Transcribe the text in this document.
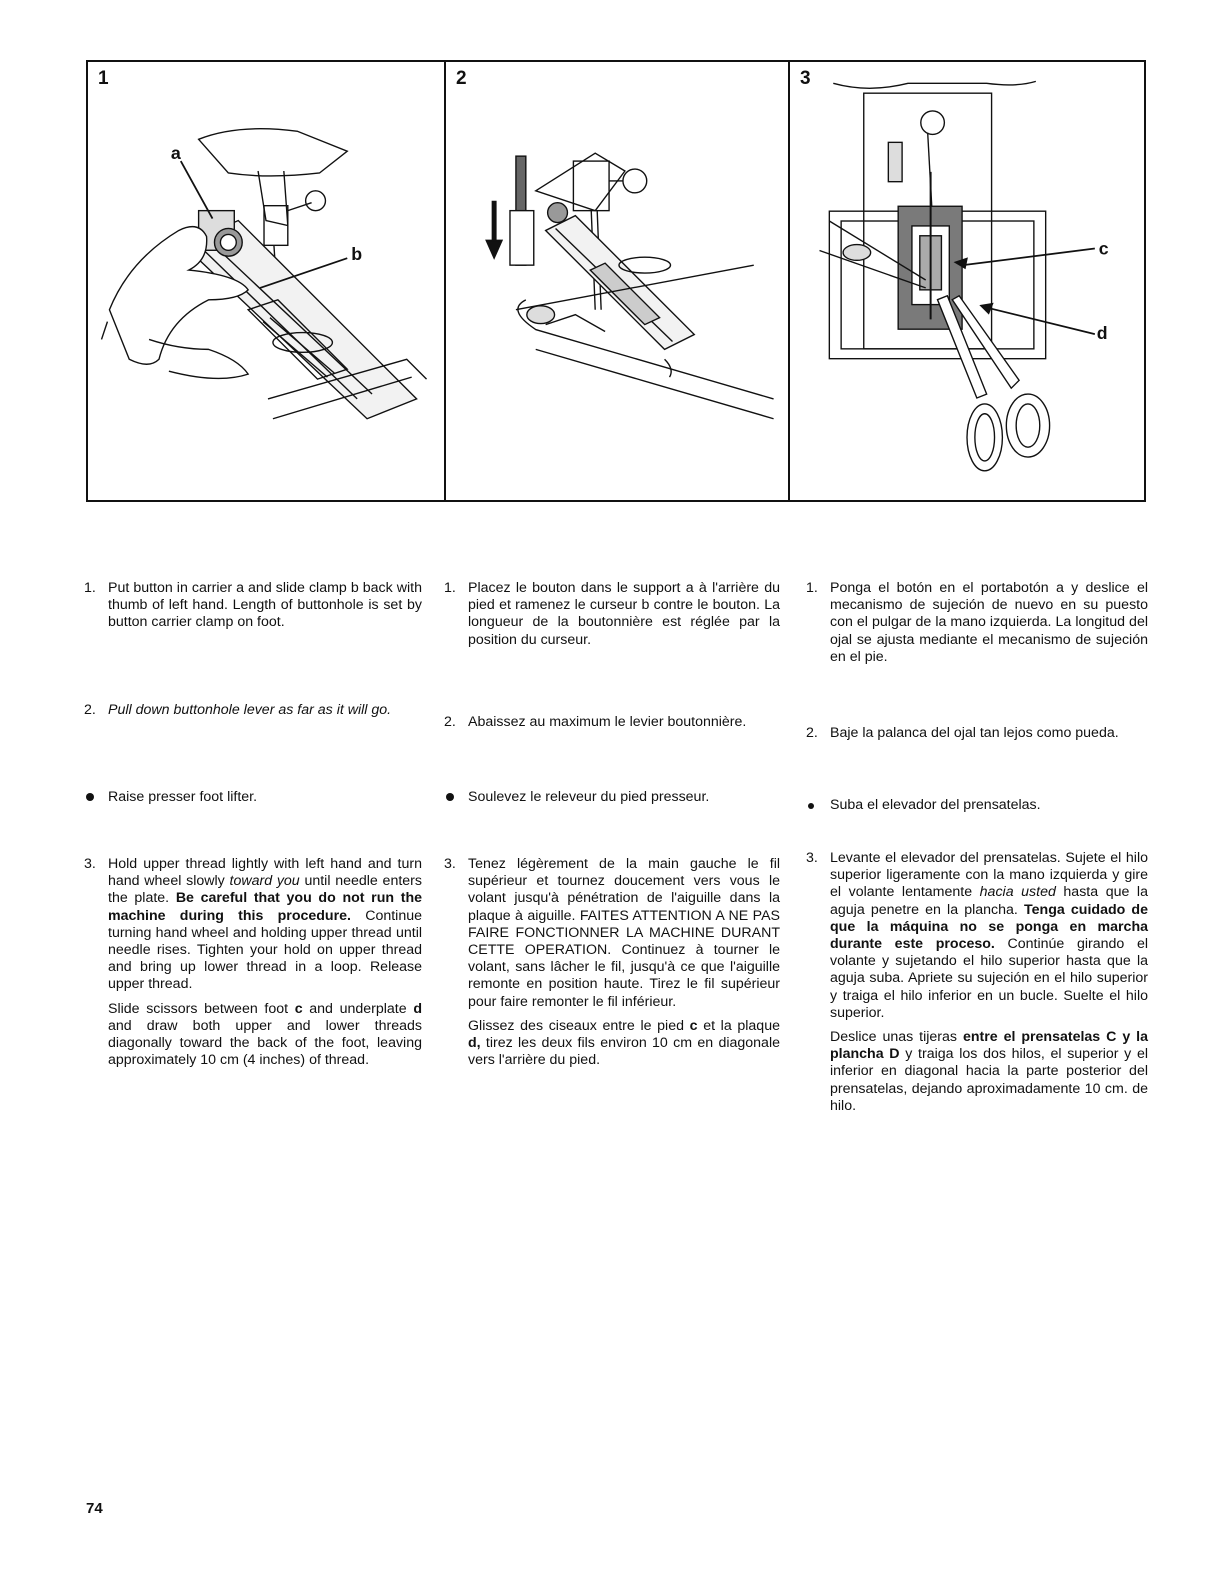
a
b
1	2
c
d
3
1. Put button in carrier a and slide clamp b back with thumb of left hand. Length of buttonhole is set by button carrier clamp on foot.
2. Pull down buttonhole lever as far as it will go.
Raise presser foot lifter.
3. Hold upper thread lightly with left hand and turn hand wheel slowly toward you until needle enters the plate. Be careful that you do not run the machine during this procedure. Continue turning hand wheel and holding upper thread until needle rises. Tighten your hold on upper thread and bring up lower thread in a loop. Release upper thread.

Slide scissors between foot c and underplate d and draw both upper and lower threads diagonally toward the back of the foot, leaving approximately 10 cm (4 inches) of thread.

1. Placez le bouton dans le support a à l'arrière du pied et ramenez le curseur b contre le bouton. La longueur de la boutonnière est réglée par la position du curseur.
2. Abaissez au maximum le levier boutonnière.
Soulevez le releveur du pied presseur.
3. Tenez légèrement de la main gauche le fil supérieur et tournez doucement vers vous le volant jusqu'à pénétration de l'aiguille dans la plaque à aiguille. FAITES ATTENTION A NE PAS FAIRE FONCTIONNER LA MACHINE DURANT CETTE OPERATION. Continuez à tourner le volant, sans lâcher le fil, jusqu'à ce que l'aiguille remonte en position haute. Tirez le fil supérieur pour faire remonter le fil inférieur.

Glissez des ciseaux entre le pied c et la plaque d, tirez les deux fils environ 10 cm en diagonale vers l'arrière du pied.

1. Ponga el botón en el portabotón a y deslice el mecanismo de sujeción de nuevo en su puesto con el pulgar de la mano izquierda. La longitud del ojal se ajusta mediante el mecanismo de sujeción en el pie.
2. Baje la palanca del ojal tan lejos como pueda.
Suba el elevador del prensatelas.
3. Levante el elevador del prensatelas. Sujete el hilo superior ligeramente con la mano izquierda y gire el volante lentamente hacia usted hasta que la aguja penetre en la plancha. Tenga cuidado de que la máquina no se ponga en marcha durante este proceso. Continúe girando el volante y sujetando el hilo superior hasta que la aguja suba. Apriete su sujeción en el hilo superior y traiga el hilo inferior en un bucle. Suelte el hilo superior.

Deslice unas tijeras entre el prensatelas C y la plancha D y traiga los dos hilos, el superior y el inferior en diagonal hacia la parte posterior del prensatelas, dejando aproximadamente 10 cm. de hilo.

74
